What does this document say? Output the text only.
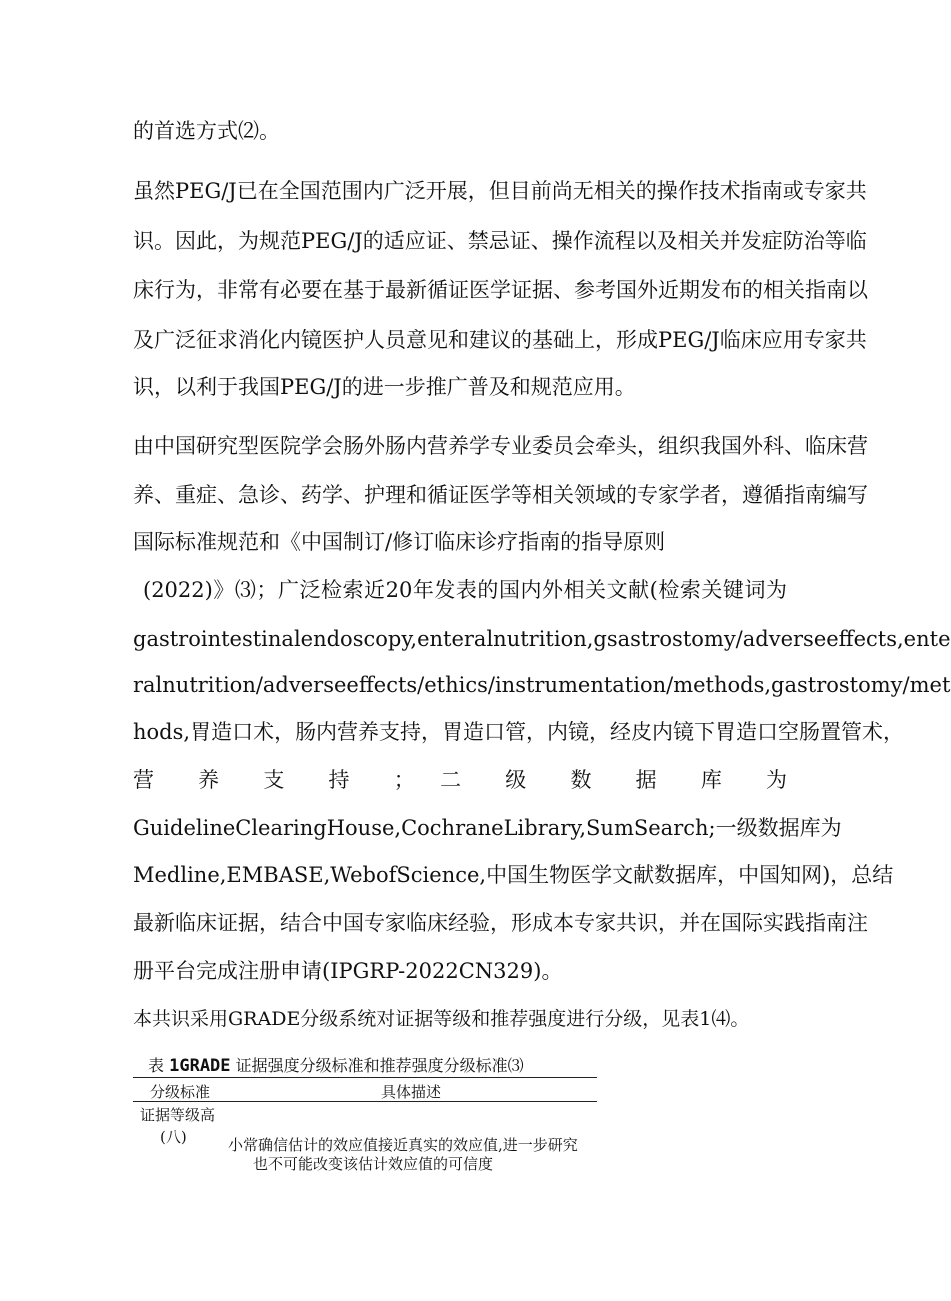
的首选方式⑵。
虽然PEG/J已在全国范围内广泛开展，但目前尚无相关的操作技术指南或专家共
识。因此，为规范PEG/J的适应证、禁忌证、操作流程以及相关并发症防治等临
床行为，非常有必要在基于最新循证医学证据、参考国外近期发布的相关指南以
及广泛征求消化内镜医护人员意见和建议的基础上，形成PEG/J临床应用专家共
识，以利于我国PEG/J的进一步推广普及和规范应用。
由中国研究型医院学会肠外肠内营养学专业委员会牵头，组织我国外科、临床营
养、重症、急诊、药学、护理和循证医学等相关领域的专家学者，遵循指南编写
国际标准规范和《中国制订/修订临床诊疗指南的指导原则
(2022)》⑶；广泛检索近20年发表的国内外相关文献(检索关键词为
gastrointestinalendoscopy,enteralnutrition,gsastrostomy/adverseeffects,ente
ralnutrition/adverseeffects/ethics/instrumentation/methods,gastrostomy/met
hods,胃造口术，肠内营养支持，胃造口管，内镜，经皮内镜下胃造口空肠置管术，
营 养 支 持 ； 二 级 数 据 库 为
GuidelineClearingHouse,CochraneLibrary,SumSearch;一级数据库为
Medline,EMBASE,WebofScience,中国生物医学文献数据库，中国知网)，总结
最新临床证据，结合中国专家临床经验，形成本专家共识，并在国际实践指南注
册平台完成注册申请(IPGRP-2022CN329)。
本共识采用GRADE分级系统对证据等级和推荐强度进行分级，见表1⑷。
表 1GRADE 证据强度分级标准和推荐强度分级标准⑶
分级标准	具体描述
证据等级高
(八)	小常确信估计的效应值接近真实的效应值,进一步研究
也不可能改变该估计效应值的可信度
